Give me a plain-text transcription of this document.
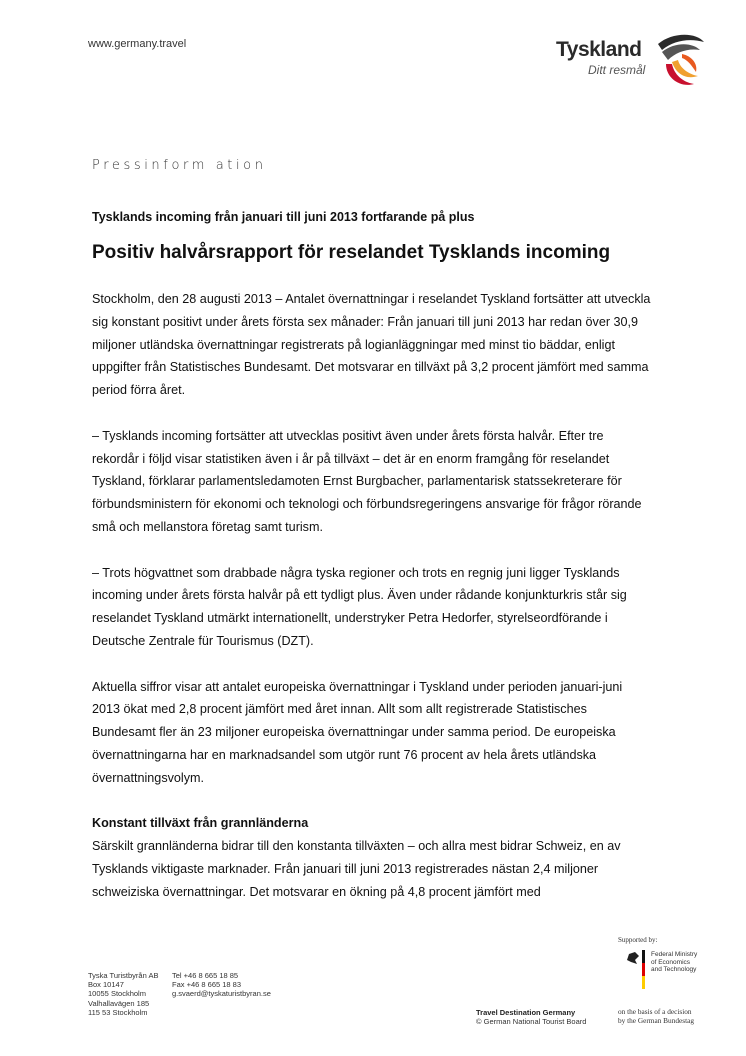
www.germany.travel	Tyskland
Ditt resmål
Pressinform ation
Tysklands incoming från januari till juni 2013 fortfarande på plus
Positiv halvårsrapport för reselandet Tysklands incoming

Stockholm, den 28 augusti 2013 – Antalet övernattningar i reselandet Tyskland fortsätter att utveckla sig konstant positivt under årets första sex månader: Från januari till juni 2013 har redan över 30,9 miljoner utländska övernattningar registrerats på logianläggningar med minst tio bäddar, enligt uppgifter från Statistisches Bundesamt. Det motsvarar en tillväxt på 3,2 procent jämfört med samma period förra året.

– Tysklands incoming fortsätter att utvecklas positivt även under årets första halvår. Efter tre rekordår i följd visar statistiken även i år på tillväxt – det är en enorm framgång för reselandet Tyskland, förklarar parlamentsledamoten Ernst Burgbacher, parlamentarisk statssekreterare för förbundsministern för ekonomi och teknologi och förbundsregeringens ansvarige för frågor rörande små och mellanstora företag samt turism.

– Trots högvattnet som drabbade några tyska regioner och trots en regnig juni ligger Tysklands incoming under årets första halvår på ett tydligt plus. Även under rådande konjunkturkris står sig reselandet Tyskland utmärkt internationellt, understryker Petra Hedorfer, styrelseordförande i Deutsche Zentrale für Tourismus (DZT).

Aktuella siffror visar att antalet europeiska övernattningar i Tyskland under perioden januari-juni 2013 ökat med 2,8 procent jämfört med året innan. Allt som allt registrerade Statistisches Bundesamt fler än 23 miljoner europeiska övernattningar under samma period. De europeiska övernattningarna har en marknadsandel som utgör runt 76 procent av hela årets utländska övernattningsvolym.

Konstant tillväxt från grannländerna

Särskilt grannländerna bidrar till den konstanta tillväxten – och allra mest bidrar Schweiz, en av Tysklands viktigaste marknader. Från januari till juni 2013 registrerades nästan 2,4 miljoner schweiziska övernattningar. Det motsvarar en ökning på 4,8 procent jämfört med

Tyska Turistbyrån AB
Box 10147
10055 Stockholm
Valhallavägen 185
115 53 Stockholm
Tel +46 8 665 18 85
Fax +46 8 665 18 83
g.svaerd@tyskaturistbyran.se
Travel Destination Germany
© German National Tourist Board
Supported by:
Federal Ministry
of Economics
and Technology
on the basis of a decision
by the German Bundestag
